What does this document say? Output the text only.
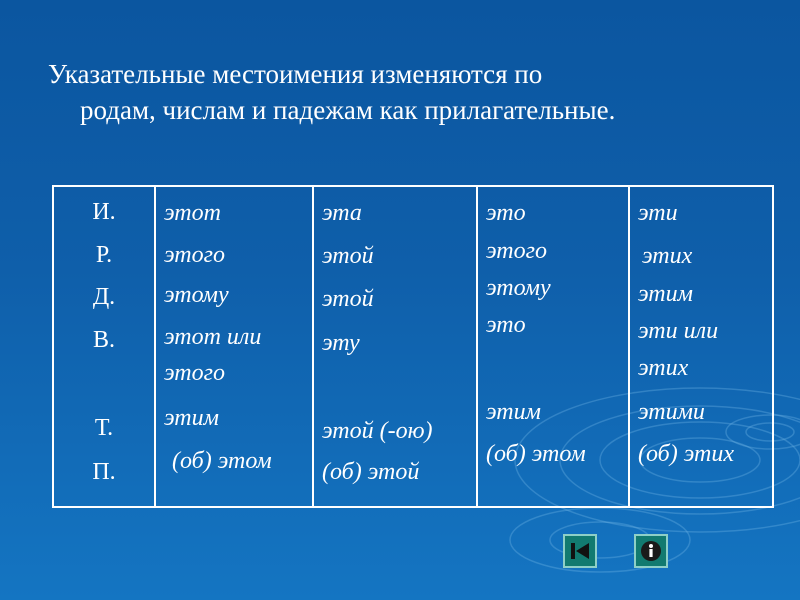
Указательные местоимения изменяются по
родам, числам и падежам как прилагательные.
И.
Р.
Д.
В.
Т.
П.
этот
этого
этому
этот или
этого
этим
(об) этом
эта
этой
этой
эту
этой (-ою)
(об) этой
это
этого
этому
это
этим
(об) этом
эти
этих
этим
эти или
этих
этими
(об) этих
